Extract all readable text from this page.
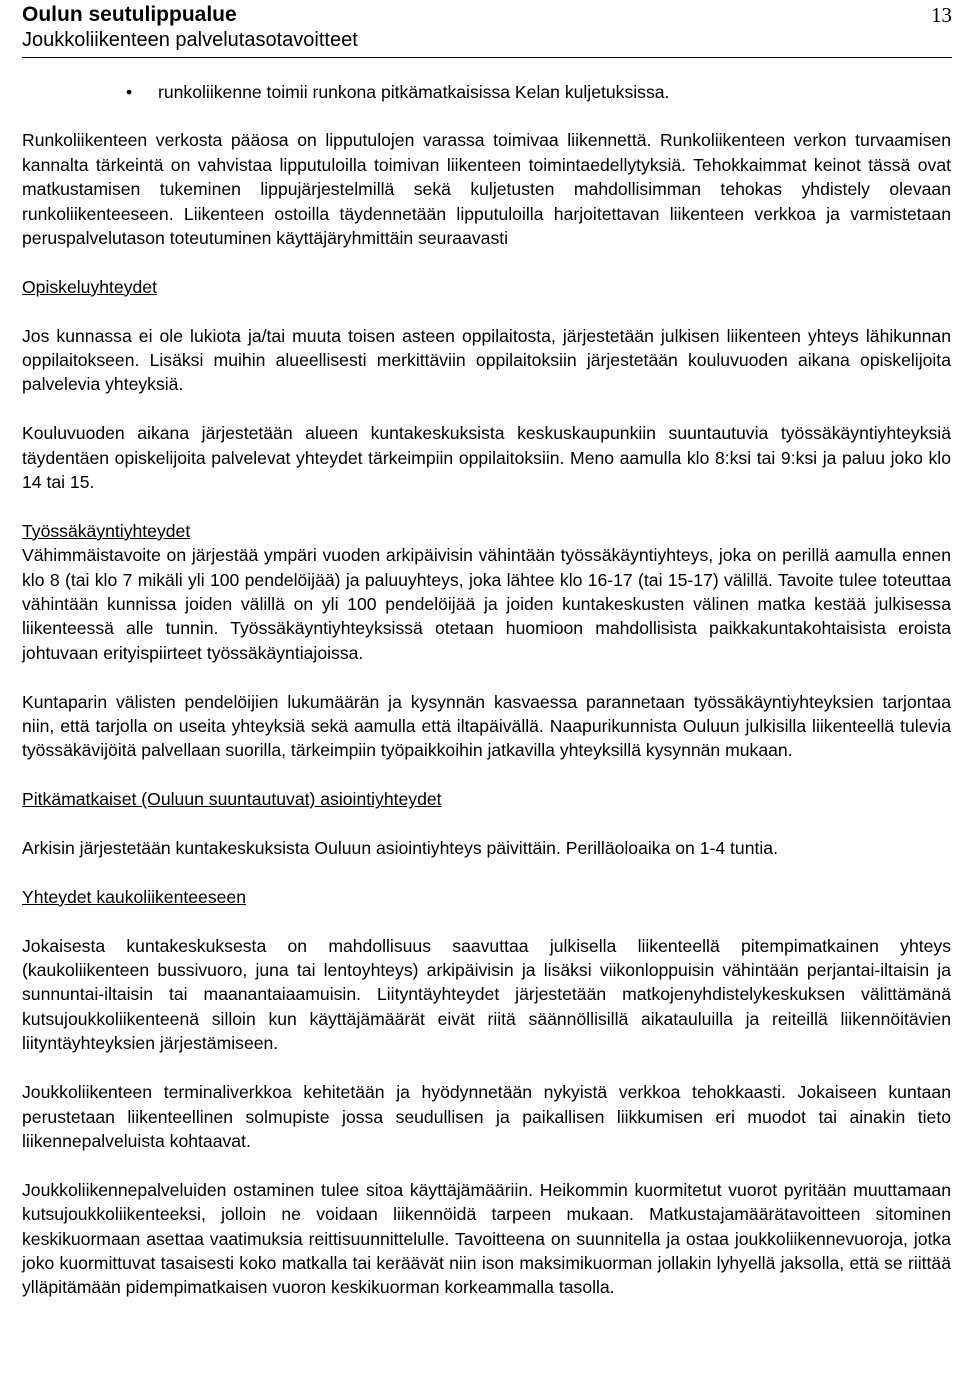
Oulun seutulippualue
Joukkoliikenteen palvelutasotavoitteet
13
• runkoliikenne toimii runkona pitkämatkaisissa Kelan kuljetuksissa.

Runkoliikenteen verkosta pääosa on lipputulojen varassa toimivaa liikennettä. Runkoliikenteen verkon turvaamisen kannalta tärkeintä on vahvistaa lipputuloilla toimivan liikenteen toimintaedellytyksiä. Tehokkaimmat keinot tässä ovat matkustamisen tukeminen lippujärjestelmillä sekä kuljetusten mahdollisimman tehokas yhdistely olevaan runkoliikenteeseen. Liikenteen ostoilla täydennetään lipputuloilla harjoitettavan liikenteen verkkoa ja varmistetaan peruspalvelutason toteutuminen käyttäjäryhmittäin seuraavasti

Opiskeluyhteydet

Jos kunnassa ei ole lukiota ja/tai muuta toisen asteen oppilaitosta, järjestetään julkisen liikenteen yhteys lähikunnan oppilaitokseen. Lisäksi muihin alueellisesti merkittäviin oppilaitoksiin järjestetään kouluvuoden aikana opiskelijoita palvelevia yhteyksiä.

Kouluvuoden aikana järjestetään alueen kuntakeskuksista keskuskaupunkiin suuntautuvia työssäkäyntiyhteyksiä täydentäen opiskelijoita palvelevat yhteydet tärkeimpiin oppilaitoksiin. Meno aamulla klo 8:ksi tai 9:ksi ja paluu joko klo 14 tai 15.

Työssäkäyntiyhteydet

Vähimmäistavoite on järjestää ympäri vuoden arkipäivisin vähintään työssäkäyntiyhteys, joka on perillä aamulla ennen klo 8 (tai klo 7 mikäli yli 100 pendelöijää) ja paluuyhteys, joka lähtee klo 16-17 (tai 15-17) välillä. Tavoite tulee toteuttaa vähintään kunnissa joiden välillä on yli 100 pendelöijää ja joiden kuntakeskusten välinen matka kestää julkisessa liikenteessä alle tunnin. Työssäkäyntiyhteyksissä otetaan huomioon mahdollisista paikkakuntakohtaisista eroista johtuvaan erityispiirteet työssäkäyntiajoissa.

Kuntaparin välisten pendelöijien lukumäärän ja kysynnän kasvaessa parannetaan työssäkäyntiyhteyksien tarjontaa niin, että tarjolla on useita yhteyksiä sekä aamulla että iltapäivällä. Naapurikunnista Ouluun julkisilla liikenteellä tulevia työssäkävijöitä palvellaan suorilla, tärkeimpiin työpaikkoihin jatkavilla yhteyksillä kysynnän mukaan.

Pitkämatkaiset (Ouluun suuntautuvat) asiointiyhteydet

Arkisin järjestetään kuntakeskuksista Ouluun asiointiyhteys päivittäin. Perilläoloaika on 1-4 tuntia.

Yhteydet kaukoliikenteeseen

Jokaisesta kuntakeskuksesta on mahdollisuus saavuttaa julkisella liikenteellä pitempimatkainen yhteys (kaukoliikenteen bussivuoro, juna tai lentoyhteys) arkipäivisin ja lisäksi viikonloppuisin vähintään perjantai-iltaisin ja sunnuntai-iltaisin tai maanantaiaamuisin. Liityntäyhteydet järjestetään matkojenyhdistelykeskuksen välittämänä kutsujoukkoliikenteenä silloin kun käyttäjämäärät eivät riitä säännöllisillä aikatauluilla ja reiteillä liikennöitävien liityntäyhteyksien järjestämiseen.

Joukkoliikenteen terminaliverkkoa kehitetään ja hyödynnetään nykyistä verkkoa tehokkaasti. Jokaiseen kuntaan perustetaan liikenteellinen solmupiste jossa seudullisen ja paikallisen liikkumisen eri muodot tai ainakin tieto liikennepalveluista kohtaavat.

Joukkoliikennepalveluiden ostaminen tulee sitoa käyttäjämääriin. Heikommin kuormitetut vuorot pyritään muuttamaan kutsujoukkoliikenteeksi, jolloin ne voidaan liikennöidä tarpeen mukaan. Matkustajamäärätavoitteen sitominen keskikuormaan asettaa vaatimuksia reittisuunnittelulle. Tavoitteena on suunnitella ja ostaa joukkoliikennevuoroja, jotka joko kuormittuvat tasaisesti koko matkalla tai keräävät niin ison maksimikuorman jollakin lyhyellä jaksolla, että se riittää ylläpitämään pidempimatkaisen vuoron keskikuorman korkeammalla tasolla.
